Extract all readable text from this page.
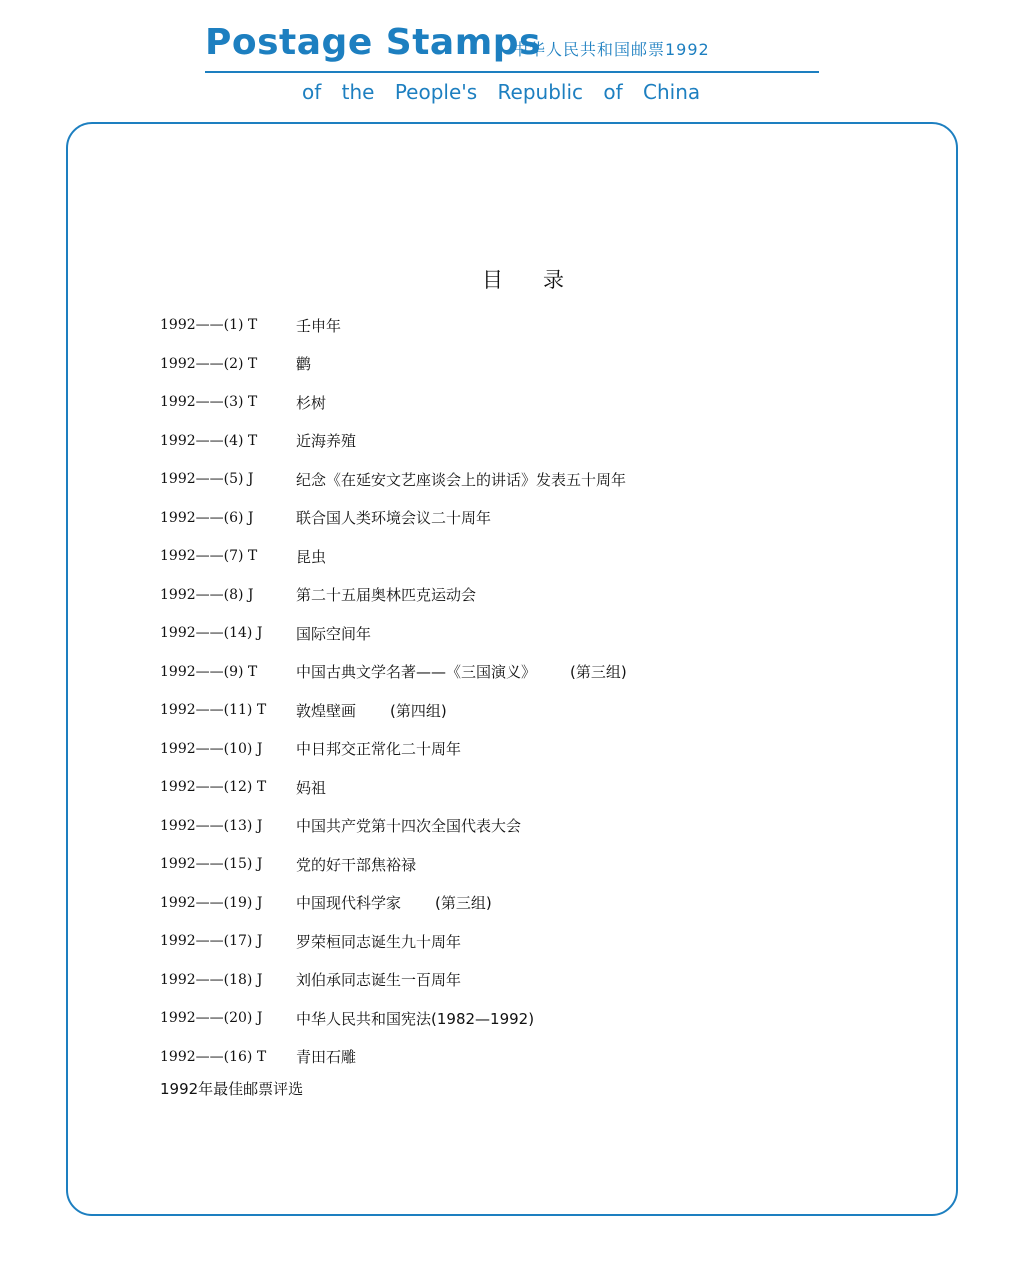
Postage Stamps
中华人民共和国邮票1992
of the People's Republic of China
目录
1992——(1) T	壬申年
1992——(2) T	鹳
1992——(3) T	杉树
1992——(4) T	近海养殖
1992——(5) J	纪念《在延安文艺座谈会上的讲话》发表五十周年
1992——(6) J	联合国人类环境会议二十周年
1992——(7) T	昆虫
1992——(8) J	第二十五届奥林匹克运动会
1992——(14) J	国际空间年
1992——(9) T	中国古典文学名著——《三国演义》 (第三组)
1992——(11) T	敦煌壁画 (第四组)
1992——(10) J	中日邦交正常化二十周年
1992——(12) T	妈祖
1992——(13) J	中国共产党第十四次全国代表大会
1992——(15) J	党的好干部焦裕禄
1992——(19) J	中国现代科学家 (第三组)
1992——(17) J	罗荣桓同志诞生九十周年
1992——(18) J	刘伯承同志诞生一百周年
1992——(20) J	中华人民共和国宪法(1982—1992)
1992——(16) T	青田石雕
1992年最佳邮票评选
